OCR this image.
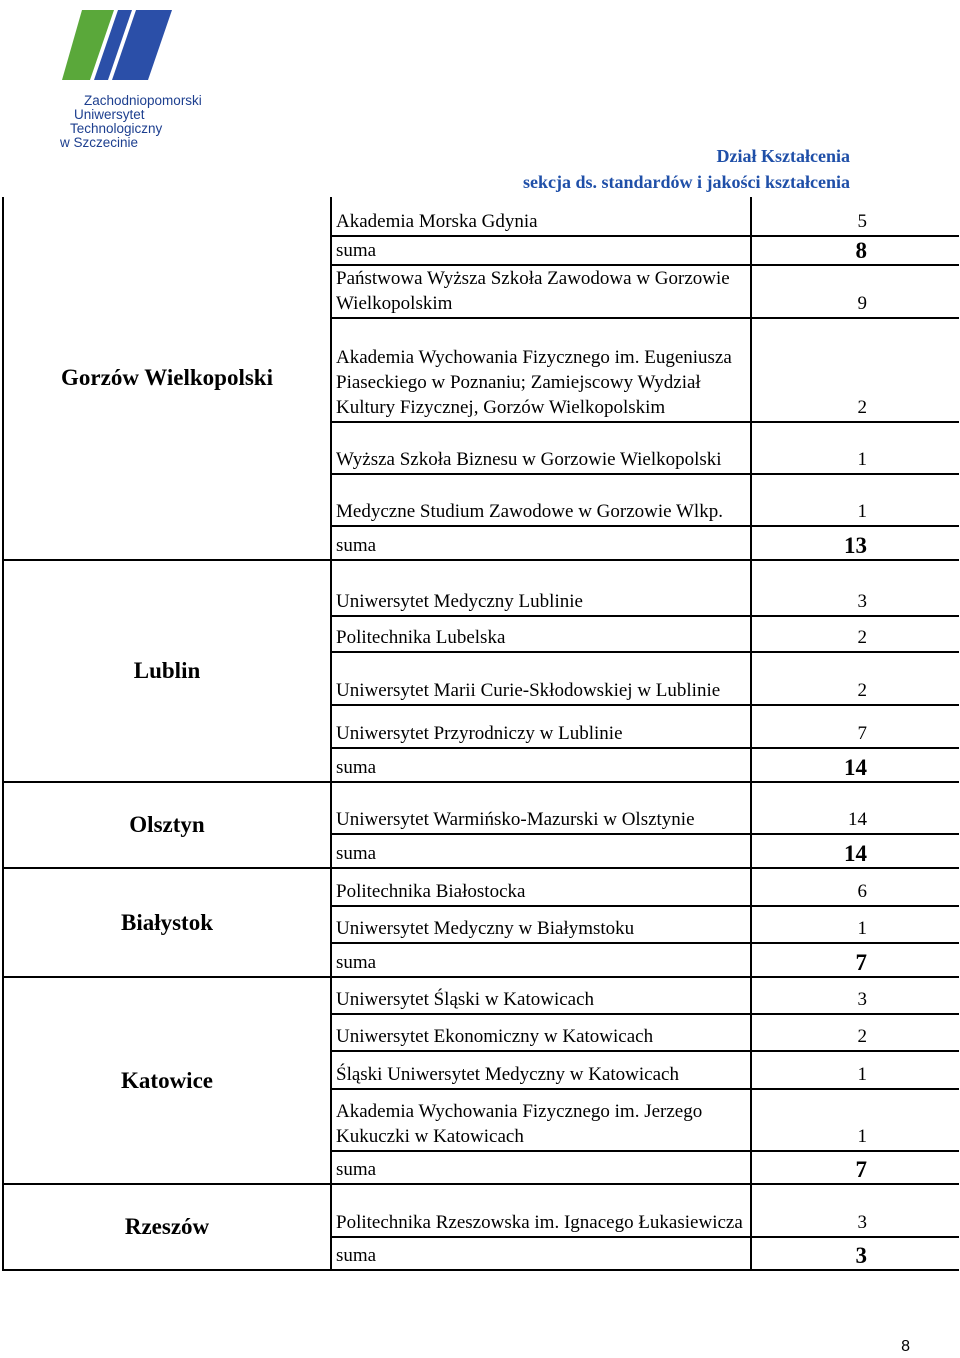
Zachodniopomorski
Uniwersytet
Technologiczny
w Szczecinie
Dział Kształcenia
sekcja ds. standardów i jakości kształcenia
Gorzów Wielkopolski	Akademia Morska Gdynia	5

	suma	8

	Państwowa Wyższa Szkoła Zawodowa w Gorzowie Wielkopolskim	9

	Akademia Wychowania Fizycznego im. Eugeniusza Piaseckiego w Poznaniu; Zamiejscowy Wydział Kultury Fizycznej, Gorzów Wielkopolskim	2

	Wyższa Szkoła Biznesu w Gorzowie Wielkopolski	1

	Medyczne Studium Zawodowe w Gorzowie Wlkp.	1

	suma	13

Lublin	Uniwersytet Medyczny Lublinie	3

	Politechnika Lubelska	2

	Uniwersytet Marii Curie-Skłodowskiej w Lublinie	2

	Uniwersytet Przyrodniczy w Lublinie	7

	suma	14

Olsztyn	Uniwersytet Warmińsko-Mazurski w Olsztynie	14

	suma	14

Białystok	Politechnika Białostocka	6

	Uniwersytet Medyczny w Białymstoku	1

	suma	7

Katowice	Uniwersytet Śląski w Katowicach	3

	Uniwersytet Ekonomiczny w Katowicach	2

	Śląski Uniwersytet Medyczny w Katowicach	1

	Akademia Wychowania Fizycznego im. Jerzego Kukuczki w Katowicach	1

	suma	7

Rzeszów	Politechnika Rzeszowska im. Ignacego Łukasiewicza	3

	suma	3
8
